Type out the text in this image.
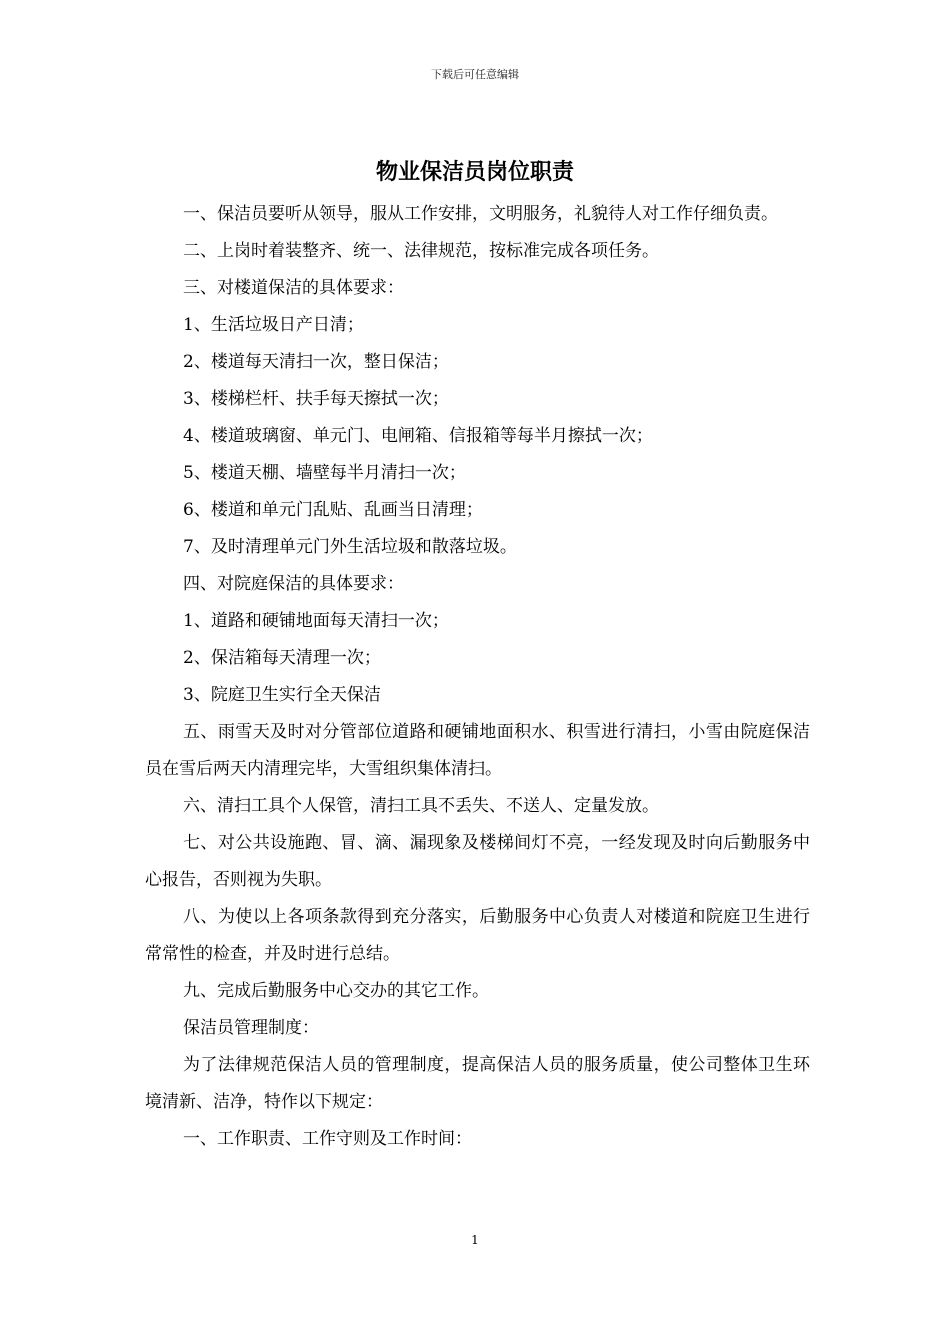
下载后可任意编辑
物业保洁员岗位职责

一、保洁员要听从领导，服从工作安排，文明服务，礼貌待人对工作仔细负责。

二、上岗时着装整齐、统一、法律规范，按标准完成各项任务。

三、对楼道保洁的具体要求：

1、生活垃圾日产日清；

2、楼道每天清扫一次，整日保洁；

3、楼梯栏杆、扶手每天擦拭一次；

4、楼道玻璃窗、单元门、电闸箱、信报箱等每半月擦拭一次；

5、楼道天棚、墙壁每半月清扫一次；

6、楼道和单元门乱贴、乱画当日清理；

7、及时清理单元门外生活垃圾和散落垃圾。

四、对院庭保洁的具体要求：

1、道路和硬铺地面每天清扫一次；

2、保洁箱每天清理一次；

3、院庭卫生实行全天保洁

五、雨雪天及时对分管部位道路和硬铺地面积水、积雪进行清扫，小雪由院庭保洁员在雪后两天内清理完毕，大雪组织集体清扫。

六、清扫工具个人保管，清扫工具不丢失、不送人、定量发放。

七、对公共设施跑、冒、滴、漏现象及楼梯间灯不亮，一经发现及时向后勤服务中心报告，否则视为失职。

八、为使以上各项条款得到充分落实，后勤服务中心负责人对楼道和院庭卫生进行常常性的检查，并及时进行总结。

九、完成后勤服务中心交办的其它工作。

保洁员管理制度：

为了法律规范保洁人员的管理制度，提高保洁人员的服务质量，使公司整体卫生环境清新、洁净，特作以下规定：

一、工作职责、工作守则及工作时间：

1
